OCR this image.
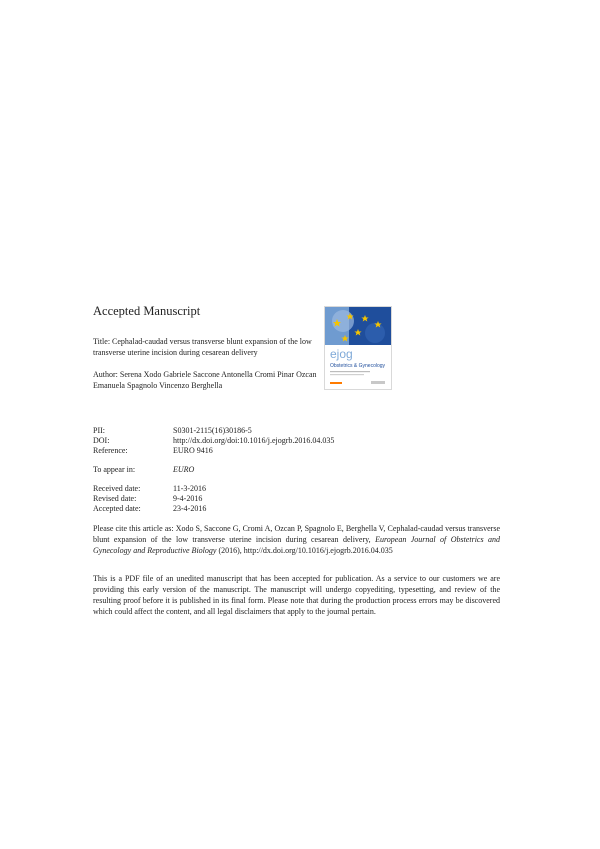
Accepted Manuscript
Title: Cephalad-caudad versus transverse blunt expansion of the low transverse uterine incision during cesarean delivery
Author: Serena Xodo Gabriele Saccone Antonella Cromi Pinar Ozcan Emanuela Spagnolo Vincenzo Berghella
ejog
Obstetrics & Gynecology
PII:	S0301-2115(16)30186-5
DOI:	http://dx.doi.org/doi:10.1016/j.ejogrb.2016.04.035
Reference:	EURO 9416
To appear in:	EURO
Received date:	11-3-2016
Revised date:	9-4-2016
Accepted date:	23-4-2016
Please cite this article as: Xodo S, Saccone G, Cromi A, Ozcan P, Spagnolo E, Berghella V, Cephalad-caudad versus transverse blunt expansion of the low transverse uterine incision during cesarean delivery, European Journal of Obstetrics and Gynecology and Reproductive Biology (2016), http://dx.doi.org/10.1016/j.ejogrb.2016.04.035
This is a PDF file of an unedited manuscript that has been accepted for publication. As a service to our customers we are providing this early version of the manuscript. The manuscript will undergo copyediting, typesetting, and review of the resulting proof before it is published in its final form. Please note that during the production process errors may be discovered which could affect the content, and all legal disclaimers that apply to the journal pertain.
